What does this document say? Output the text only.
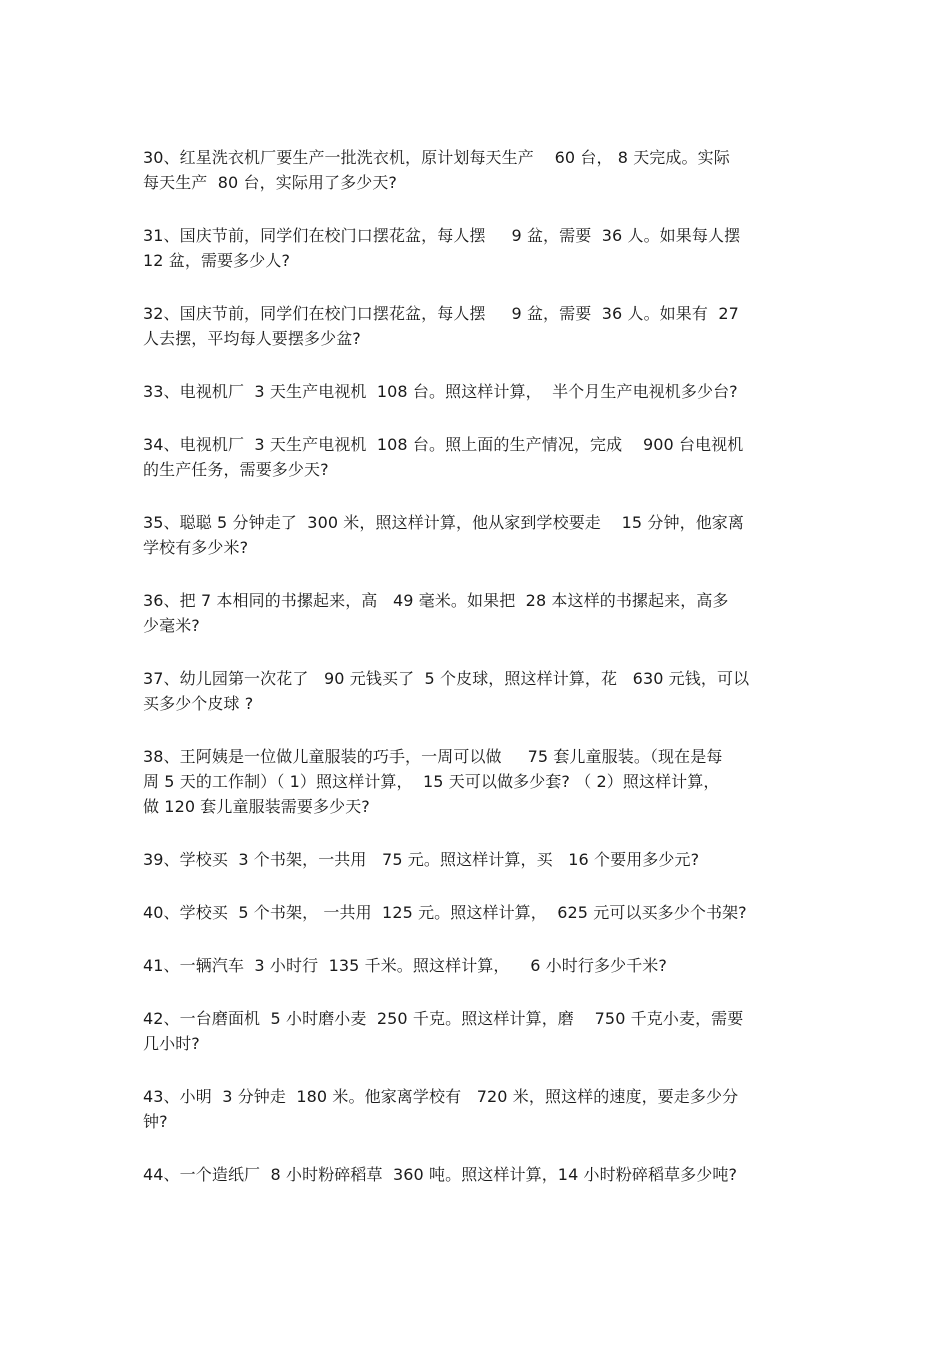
30、红星洗衣机厂要生产一批洗衣机，原计划每天生产    60 台， 8 天完成。实际
每天生产  80 台，实际用了多少天?
31、国庆节前，同学们在校门口摆花盆，每人摆     9 盆，需要  36 人。如果每人摆
12 盆，需要多少人?
32、国庆节前，同学们在校门口摆花盆，每人摆     9 盆，需要  36 人。如果有  27
人去摆，平均每人要摆多少盆?
33、电视机厂  3 天生产电视机  108 台。照这样计算，  半个月生产电视机多少台?
34、电视机厂  3 天生产电视机  108 台。照上面的生产情况，完成    900 台电视机
的生产任务，需要多少天?
35、聪聪 5 分钟走了  300 米，照这样计算，他从家到学校要走    15 分钟，他家离
学校有多少米?
36、把 7 本相同的书摞起来，高   49 毫米。如果把  28 本这样的书摞起来，高多
少毫米?
37、幼儿园第一次花了   90 元钱买了  5 个皮球，照这样计算，花   630 元钱，可以
买多少个皮球 ?
38、王阿姨是一位做儿童服装的巧手，一周可以做     75 套儿童服装。（现在是每
周 5 天的工作制）（ 1）照这样计算，  15 天可以做多少套? （ 2）照这样计算，
做 120 套儿童服装需要多少天?
39、学校买  3 个书架，一共用   75 元。照这样计算，买   16 个要用多少元?
40、学校买  5 个书架， 一共用  125 元。照这样计算，  625 元可以买多少个书架?
41、一辆汽车  3 小时行  135 千米。照这样计算，    6 小时行多少千米?
42、一台磨面机  5 小时磨小麦  250 千克。照这样计算，磨    750 千克小麦，需要
几小时?
43、小明  3 分钟走  180 米。他家离学校有   720 米，照这样的速度，要走多少分
钟?
44、一个造纸厂  8 小时粉碎稻草  360 吨。照这样计算，14 小时粉碎稻草多少吨?
